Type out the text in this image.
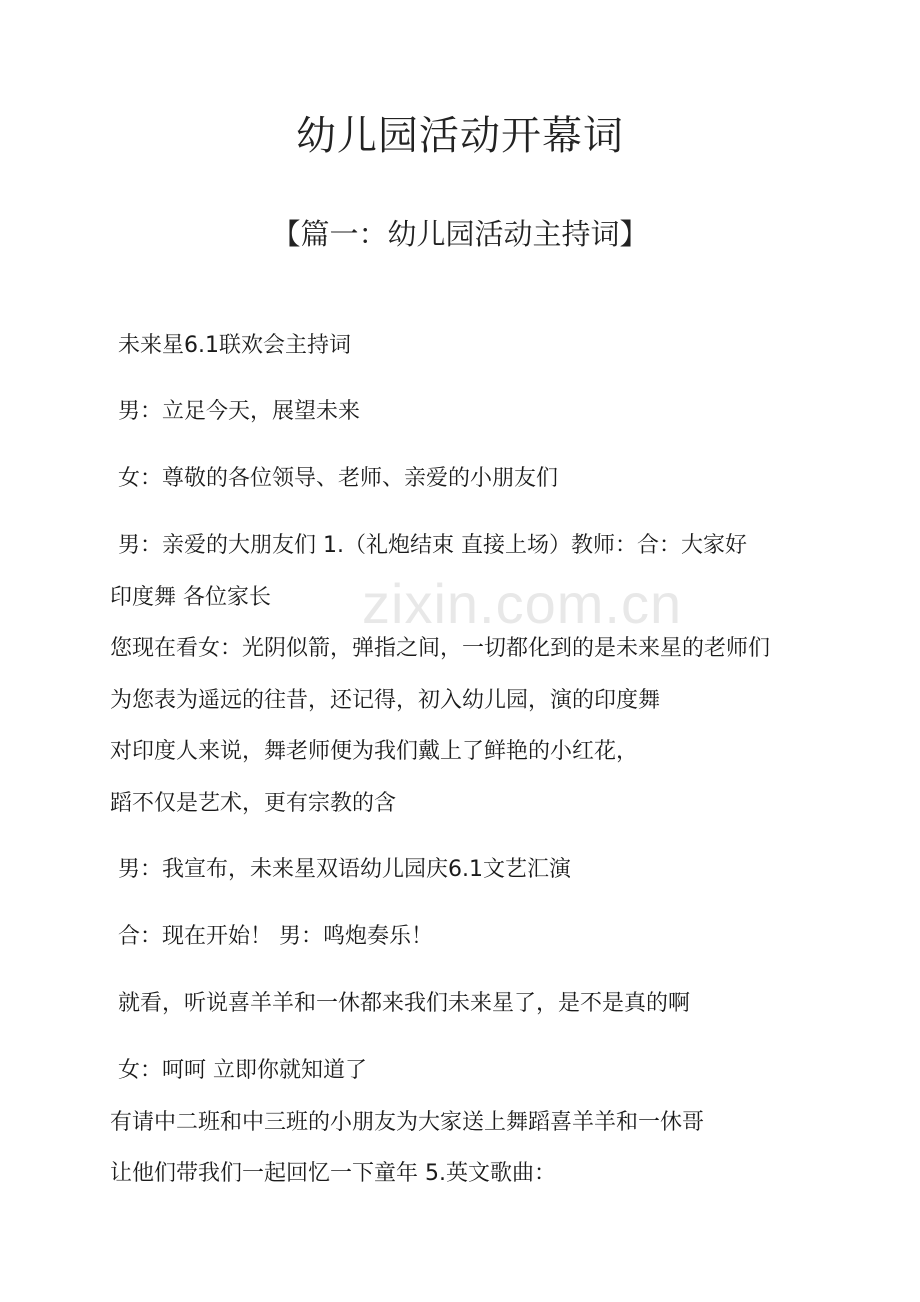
幼儿园活动开幕词
【篇一：幼儿园活动主持词】
未来星6.1联欢会主持词
男：立足今天，展望未来
女：尊敬的各位领导、老师、亲爱的小朋友们
男：亲爱的大朋友们 1.（礼炮结束 直接上场）教师：合：大家好
印度舞 各位家长
您现在看女：光阴似箭，弹指之间，一切都化到的是未来星的老师们
为您表为遥远的往昔，还记得，初入幼儿园，演的印度舞
对印度人来说，舞老师便为我们戴上了鲜艳的小红花，
蹈不仅是艺术，更有宗教的含
男：我宣布，未来星双语幼儿园庆6.1文艺汇演
合：现在开始！ 男：鸣炮奏乐！
就看，听说喜羊羊和一休都来我们未来星了，是不是真的啊
女：呵呵 立即你就知道了
有请中二班和中三班的小朋友为大家送上舞蹈喜羊羊和一休哥
让他们带我们一起回忆一下童年 5.英文歌曲：
zixin.com.cn
